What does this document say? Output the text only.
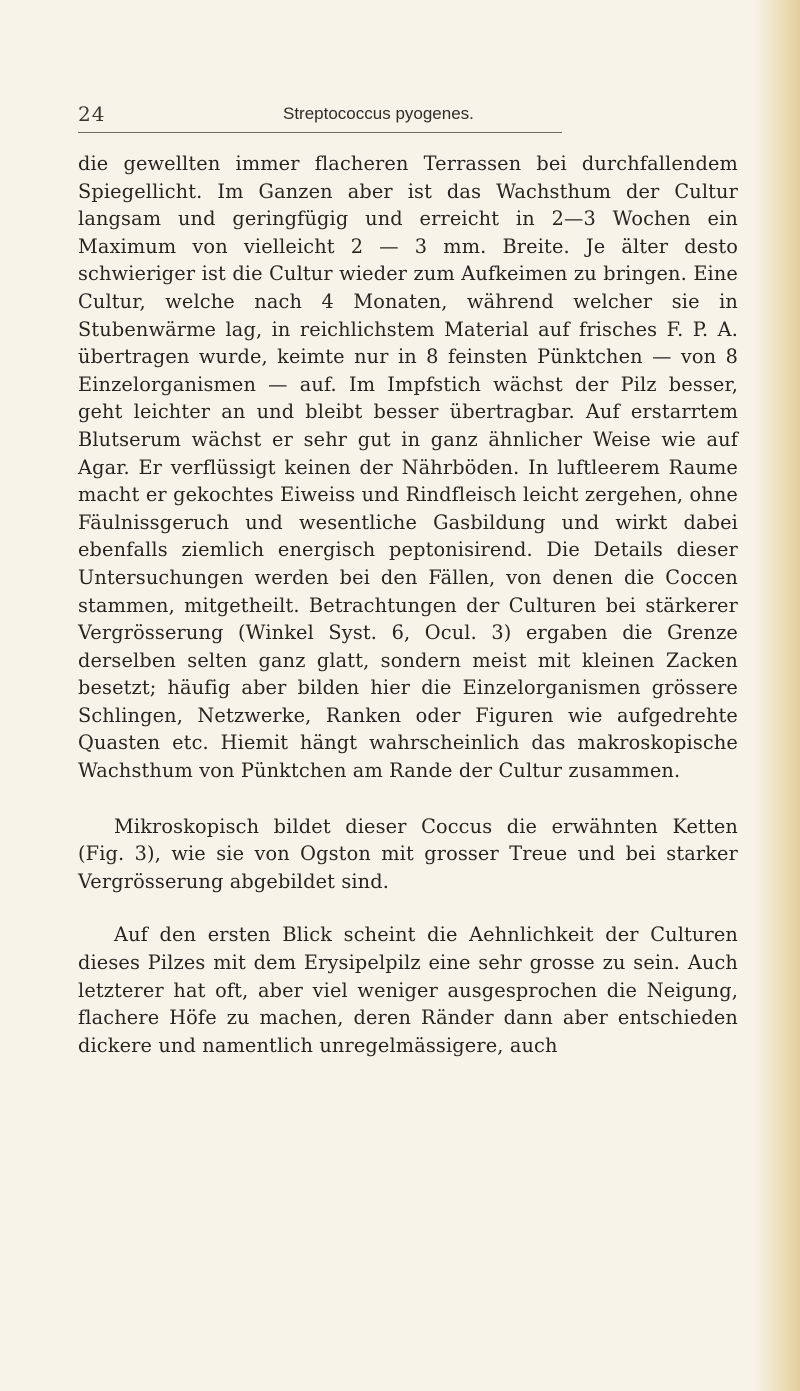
24	Streptococcus pyogenes.

die gewellten immer flacheren Terrassen bei durchfallendem Spiegellicht. Im Ganzen aber ist das Wachsthum der Cultur langsam und geringfügig und erreicht in 2—3 Wochen ein Maximum von vielleicht 2 — 3 mm. Breite. Je älter desto schwieriger ist die Cultur wieder zum Aufkeimen zu bringen. Eine Cultur, welche nach 4 Monaten, während welcher sie in Stubenwärme lag, in reichlichstem Material auf frisches F. P. A. übertragen wurde, keimte nur in 8 feinsten Pünktchen — von 8 Einzelorganismen — auf. Im Impfstich wächst der Pilz besser, geht leichter an und bleibt besser übertragbar. Auf erstarrtem Blutserum wächst er sehr gut in ganz ähnlicher Weise wie auf Agar. Er verflüssigt keinen der Nährböden. In luftleerem Raume macht er gekochtes Eiweiss und Rindfleisch leicht zergehen, ohne Fäulnissgeruch und wesentliche Gasbildung und wirkt dabei ebenfalls ziemlich energisch peptonisirend. Die Details dieser Untersuchungen werden bei den Fällen, von denen die Coccen stammen, mitgetheilt. Betrachtungen der Culturen bei stärkerer Vergrösserung (Winkel Syst. 6, Ocul. 3) ergaben die Grenze derselben selten ganz glatt, sondern meist mit kleinen Zacken besetzt; häufig aber bilden hier die Einzelorganismen grössere Schlingen, Netzwerke, Ranken oder Figuren wie aufgedrehte Quasten etc. Hiemit hängt wahrscheinlich das makroskopische Wachsthum von Pünktchen am Rande der Cultur zusammen.

Mikroskopisch bildet dieser Coccus die erwähnten Ketten (Fig. 3), wie sie von Ogston mit grosser Treue und bei starker Vergrösserung abgebildet sind.

Auf den ersten Blick scheint die Aehnlichkeit der Culturen dieses Pilzes mit dem Erysipelpilz eine sehr grosse zu sein. Auch letzterer hat oft, aber viel weniger ausgesprochen die Neigung, flachere Höfe zu machen, deren Ränder dann aber entschieden dickere und namentlich unregelmässigere, auch
